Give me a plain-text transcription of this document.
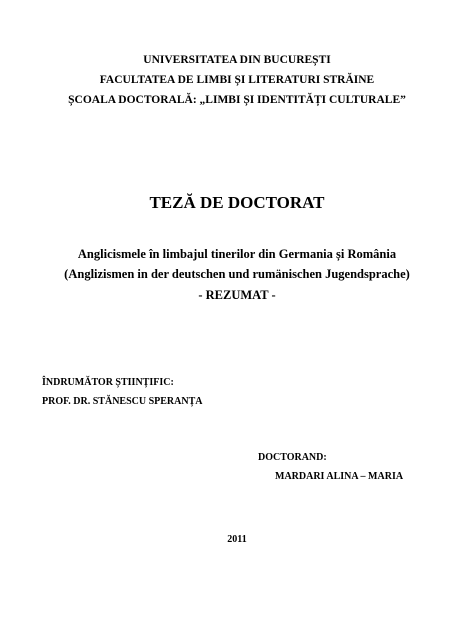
UNIVERSITATEA DIN BUCUREȘTI
FACULTATEA DE LIMBI ȘI LITERATURI STRĂINE
ȘCOALA DOCTORALĂ: „LIMBI ȘI IDENTITĂȚI CULTURALE”
TEZĂ DE DOCTORAT
Anglicismele în limbajul tinerilor din Germania și România
(Anglizismen in der deutschen und rumänischen Jugendsprache)
- REZUMAT -
ÎNDRUMĂTOR ȘTIINȚIFIC:
PROF. DR. STĂNESCU SPERANȚA
DOCTORAND:
MARDARI ALINA – MARIA
2011
